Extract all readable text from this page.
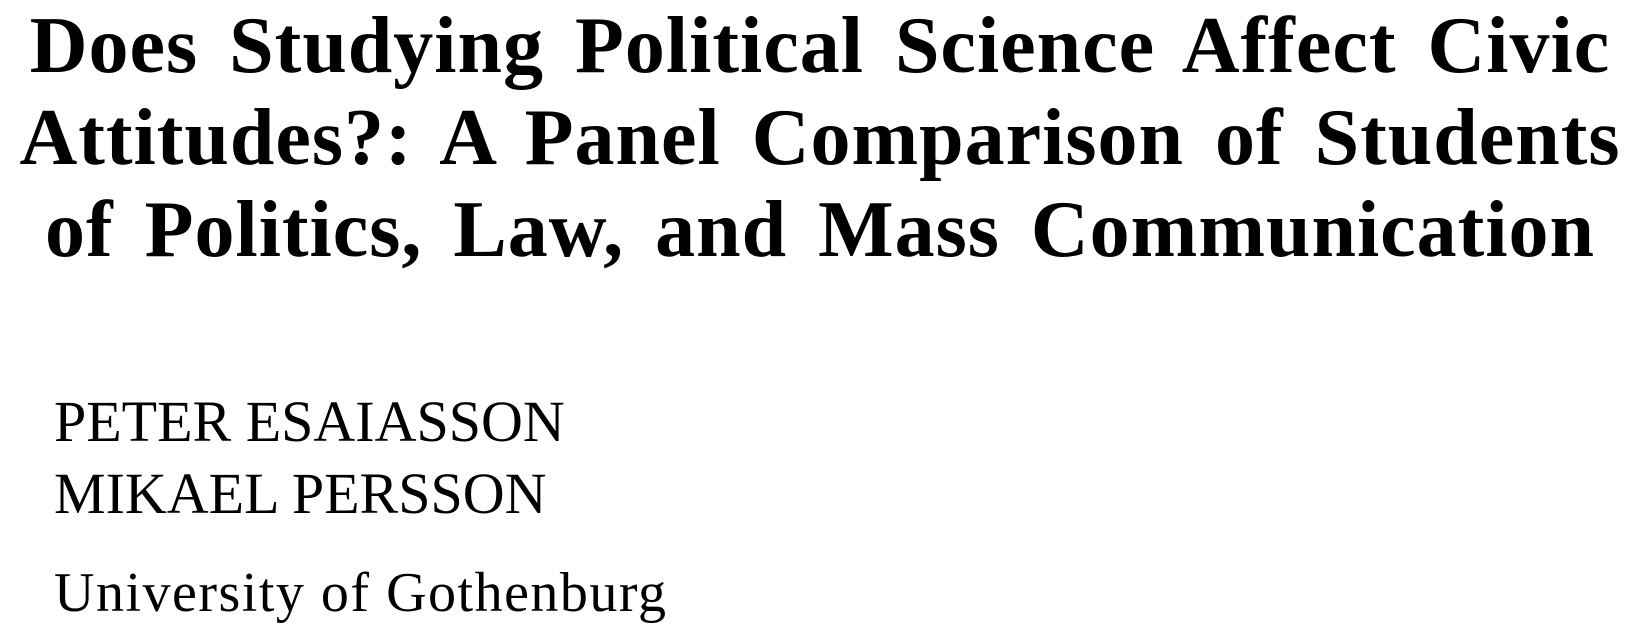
Does Studying Political Science Affect Civic
Attitudes?: A Panel Comparison of Students
of Politics, Law, and Mass Communication
PETER ESAIASSON
MIKAEL PERSSON
University of Gothenburg
